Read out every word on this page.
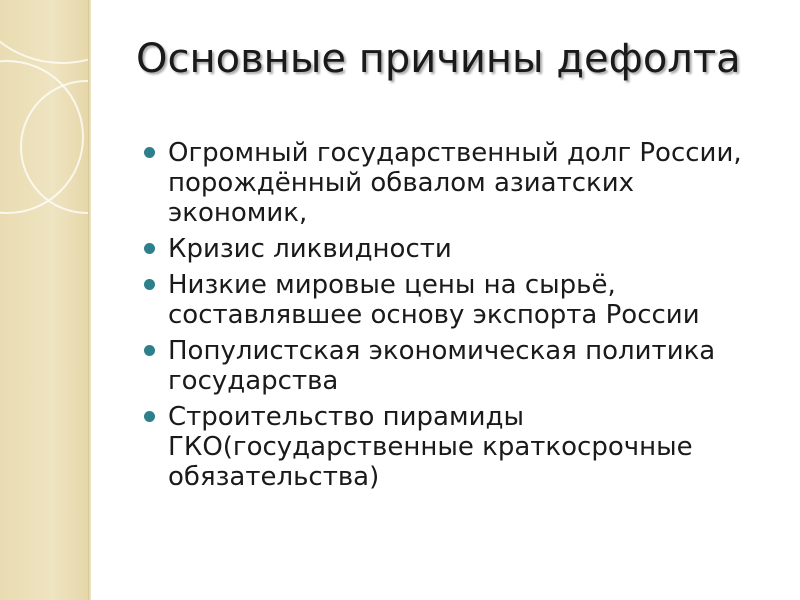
Основные причины дефолта
Огромный государственный долг России, порождённый обвалом азиатских экономик,
Кризис ликвидности
Низкие мировые цены на сырьё, составлявшее основу экспорта России
Популистская экономическая политика государства
Строительство пирамиды ГКО(государственные краткосрочные обязательства)
